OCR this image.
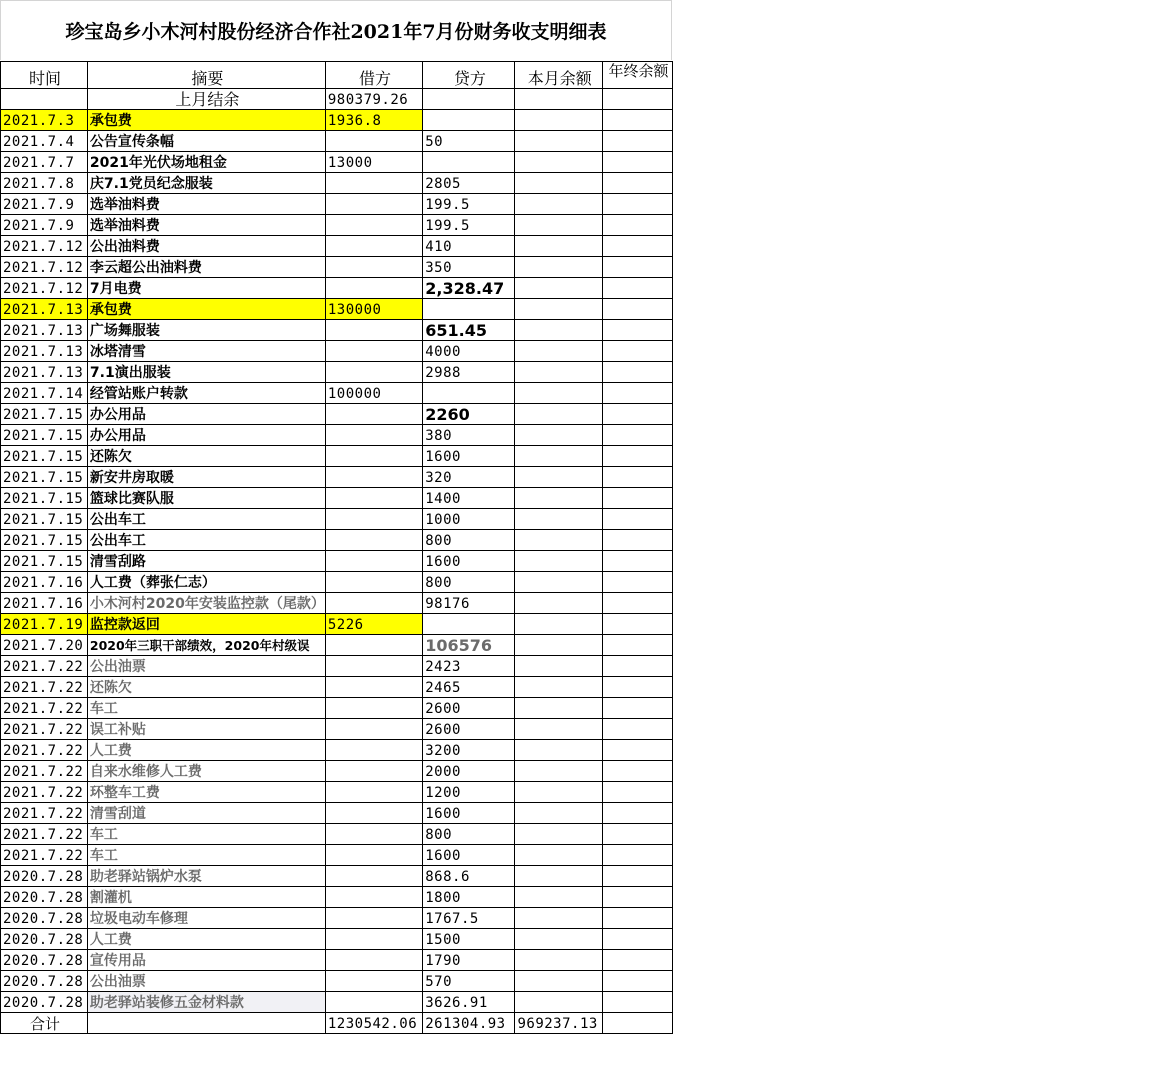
珍宝岛乡小木河村股份经济合作社2021年7月份财务收支明细表
时间	摘要	借方	贷方	本月余额	年终余额
	上月结余	980379.26			
2021.7.3	承包费	1936.8			
2021.7.4	公告宣传条幅		50		
2021.7.7	2021年光伏场地租金	13000			
2021.7.8	庆7.1党员纪念服装		2805		
2021.7.9	选举油料费		199.5		
2021.7.9	选举油料费		199.5		
2021.7.12	公出油料费		410		
2021.7.12	李云超公出油料费		350		
2021.7.12	7月电费		2,328.47		
2021.7.13	承包费	130000			
2021.7.13	广场舞服装		651.45		
2021.7.13	冰塔清雪		4000		
2021.7.13	7.1演出服装		2988		
2021.7.14	经管站账户转款	100000			
2021.7.15	办公用品		2260		
2021.7.15	办公用品		380		
2021.7.15	还陈欠		1600		
2021.7.15	新安井房取暖		320		
2021.7.15	篮球比赛队服		1400		
2021.7.15	公出车工		1000		
2021.7.15	公出车工		800		
2021.7.15	清雪刮路		1600		
2021.7.16	人工费（葬张仁志）		800		
2021.7.16	小木河村2020年安装监控款（尾款）		98176		
2021.7.19	监控款返回	5226			
2021.7.20	2020年三职干部绩效，2020年村级误		106576		
2021.7.22	公出油票		2423		
2021.7.22	还陈欠		2465		
2021.7.22	车工		2600		
2021.7.22	误工补贴		2600		
2021.7.22	人工费		3200		
2021.7.22	自来水维修人工费		2000		
2021.7.22	环整车工费		1200		
2021.7.22	清雪刮道		1600		
2021.7.22	车工		800		
2021.7.22	车工		1600		
2020.7.28	助老驿站锅炉水泵		868.6		
2020.7.28	割灌机		1800		
2020.7.28	垃圾电动车修理		1767.5		
2020.7.28	人工费		1500		
2020.7.28	宣传用品		1790		
2020.7.28	公出油票		570		
2020.7.28	助老驿站装修五金材料款		3626.91		
合计		1230542.06	261304.93	969237.13	
